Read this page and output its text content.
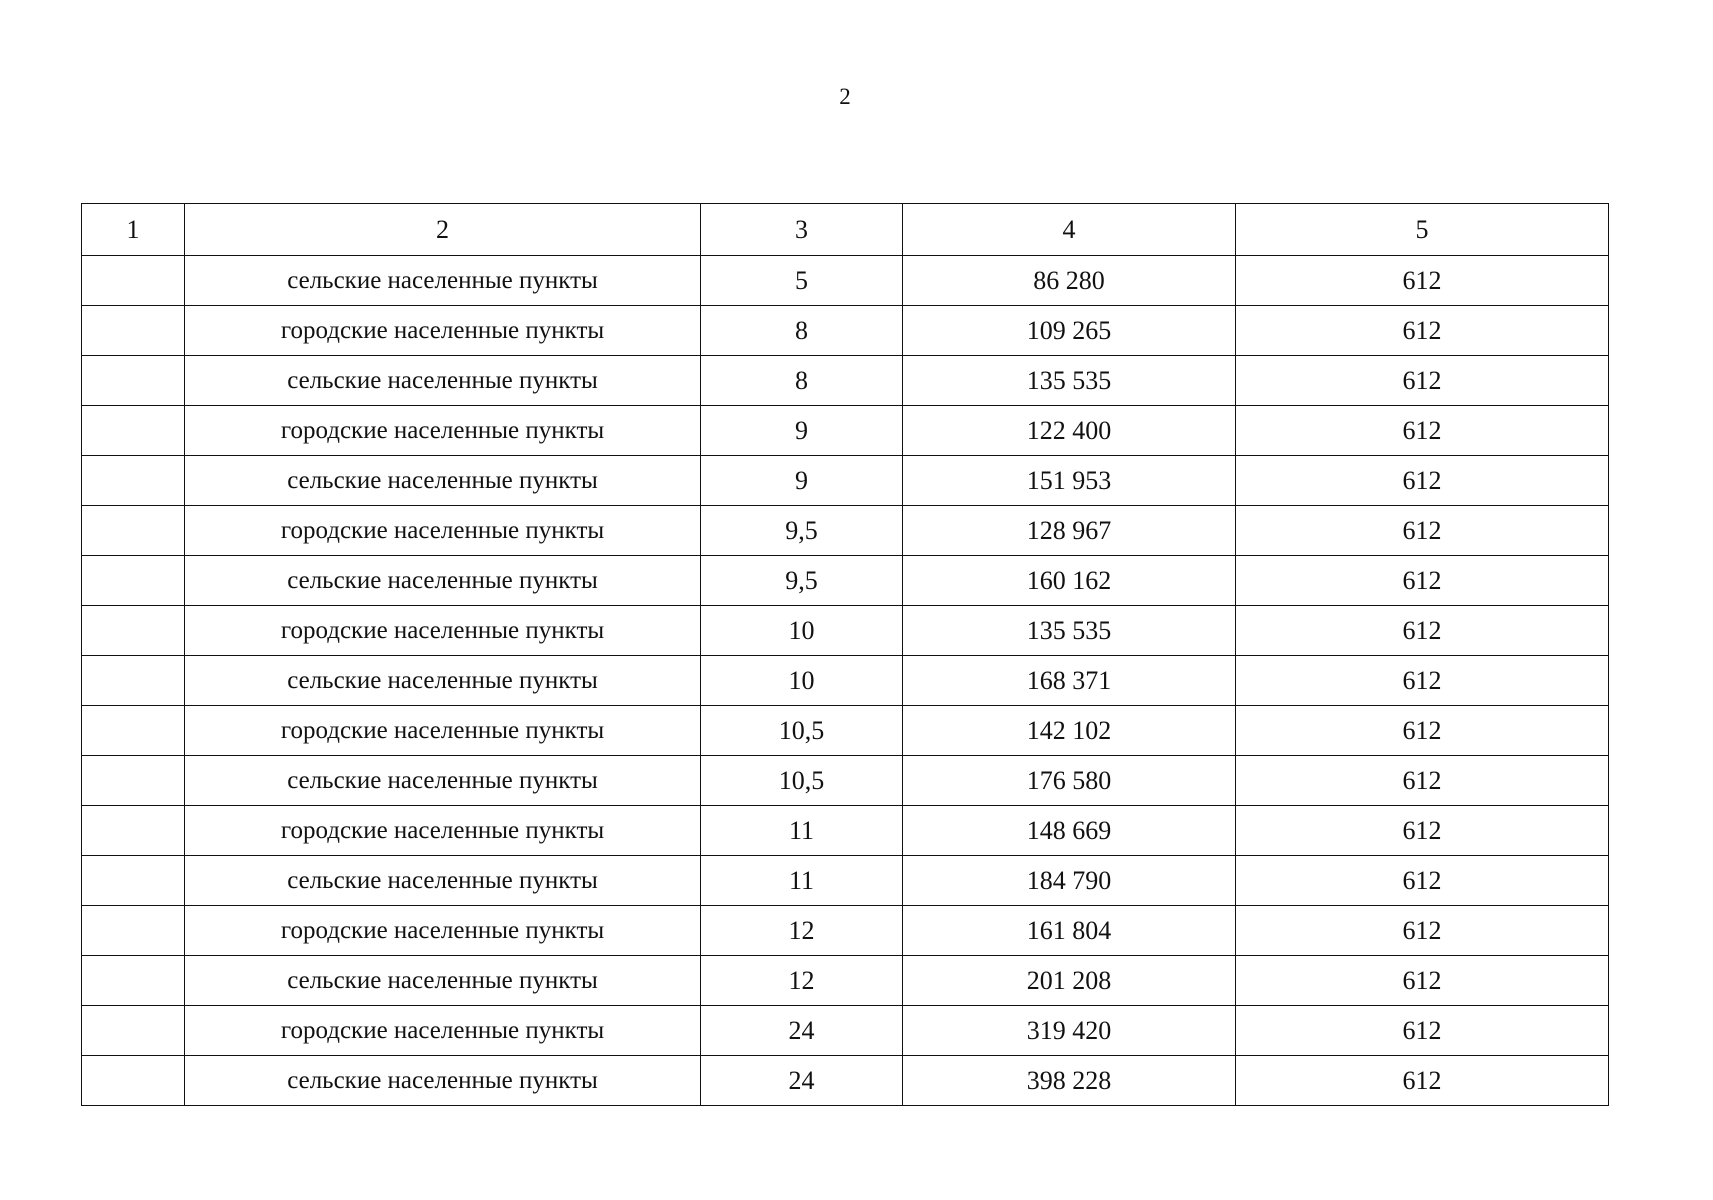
2
1	2	3	4	5
	сельские населенные пункты	5	86 280	612
	городские населенные пункты	8	109 265	612
	сельские населенные пункты	8	135 535	612
	городские населенные пункты	9	122 400	612
	сельские населенные пункты	9	151 953	612
	городские населенные пункты	9,5	128 967	612
	сельские населенные пункты	9,5	160 162	612
	городские населенные пункты	10	135 535	612
	сельские населенные пункты	10	168 371	612
	городские населенные пункты	10,5	142 102	612
	сельские населенные пункты	10,5	176 580	612
	городские населенные пункты	11	148 669	612
	сельские населенные пункты	11	184 790	612
	городские населенные пункты	12	161 804	612
	сельские населенные пункты	12	201 208	612
	городские населенные пункты	24	319 420	612
	сельские населенные пункты	24	398 228	612
